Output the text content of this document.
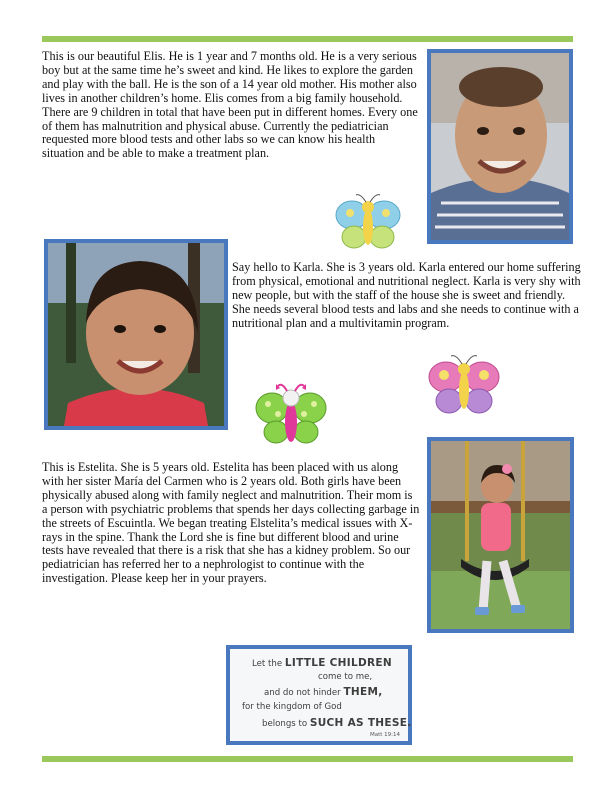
This is our beautiful Elis. He is 1 year and 7 months old. He is a very serious boy but at the same time he’s sweet and kind. He likes to explore the garden and play with the ball. He is the son of a 14 year old mother. His mother also lives in another children’s home. Elis comes from a big family household. There are 9 children in total that have been put in different homes. Every one of them has malnutrition and physical abuse. Currently the pediatrician requested more blood tests and other labs so we can know his health situation and be able to make a treatment plan.

Say hello to Karla. She is 3 years old. Karla entered our home suffering from physical, emotional and nutritional neglect. Karla is very shy with new people, but with the staff of the house she is sweet and friendly. She needs several blood tests and labs and she needs to continue with a nutritional plan and a multivitamin program.

This is Estelita. She is 5 years old. Estelita has been placed with us along with her sister María del Carmen who is 2 years old. Both girls have been physically abused along with family neglect and malnutrition. Their mom is a person with psychiatric problems that spends her days collecting garbage in the streets of Escuintla. We began treating Elstelita’s medical issues with X-rays in the spine. Thank the Lord she is fine but different blood and urine tests have revealed that there is a risk that she has a kidney problem. So our pediatrician has referred her to a nephrologist to continue with the investigation. Please keep her in your prayers.

Let the LITTLE CHILDREN
come to me,
and do not hinder THEM,
for the kingdom of God
belongs to SUCH AS THESE.
Matt 19:14
